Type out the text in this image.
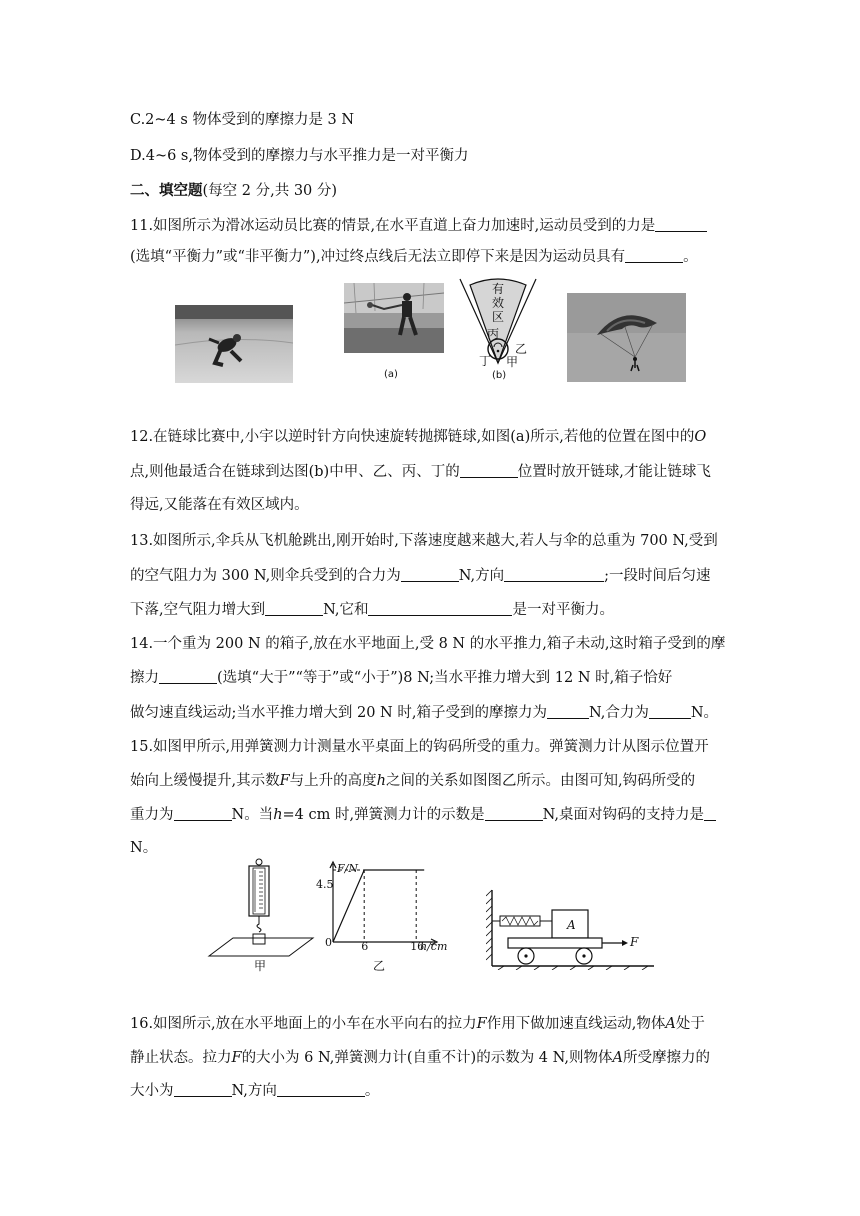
C.2~4 s 物体受到的摩擦力是 3 N
D.4~6 s,物体受到的摩擦力与水平推力是一对平衡力
二、填空题(每空 2 分,共 30 分)
11.如图所示为滑冰运动员比赛的情景,在水平直道上奋力加速时,运动员受到的力是
(选填“平衡力”或“非平衡力”),冲过终点线后无法立即停下来是因为运动员具有	。
(a)
有
效
区
丙
乙
丁 甲
(b)
12.在链球比赛中,小宇以逆时针方向快速旋转抛掷链球,如图(a)所示,若他的位置在图中的O
点,则他最适合在链球到达图(b)中甲、乙、丙、丁的	位置时放开链球,才能让链球飞
得远,又能落在有效区域内。
13.如图所示,伞兵从飞机舱跳出,刚开始时,下落速度越来越大,若人与伞的总重为 700 N,受到
的空气阻力为 300 N,则伞兵受到的合力为	N,方向	;一段时间后匀速
下落,空气阻力增大到	N,它和	是一对平衡力。
14.一个重为 200 N 的箱子,放在水平地面上,受 8 N 的水平推力,箱子未动,这时箱子受到的摩
擦力	(选填“大于”“等于”或“小于”)8 N;当水平推力增大到 12 N 时,箱子恰好
做匀速直线运动;当水平推力增大到 20 N 时,箱子受到的摩擦力为	N,合力为	N。
15.如图甲所示,用弹簧测力计测量水平桌面上的钩码所受的重力。弹簧测力计从图示位置开
始向上缓慢提升,其示数F与上升的高度h之间的关系如图图乙所示。由图可知,钩码所受的
重力为	N。当h=4 cm 时,弹簧测力计的示数是	N,桌面对钩码的支持力是
N。
甲
F/N
4.5
0	6	16
h/cm
乙
A
F
16.如图所示,放在水平地面上的小车在水平向右的拉力F作用下做加速直线运动,物体A处于
静止状态。拉力F的大小为 6 N,弹簧测力计(自重不计)的示数为 4 N,则物体A所受摩擦力的
大小为	N,方向	。
